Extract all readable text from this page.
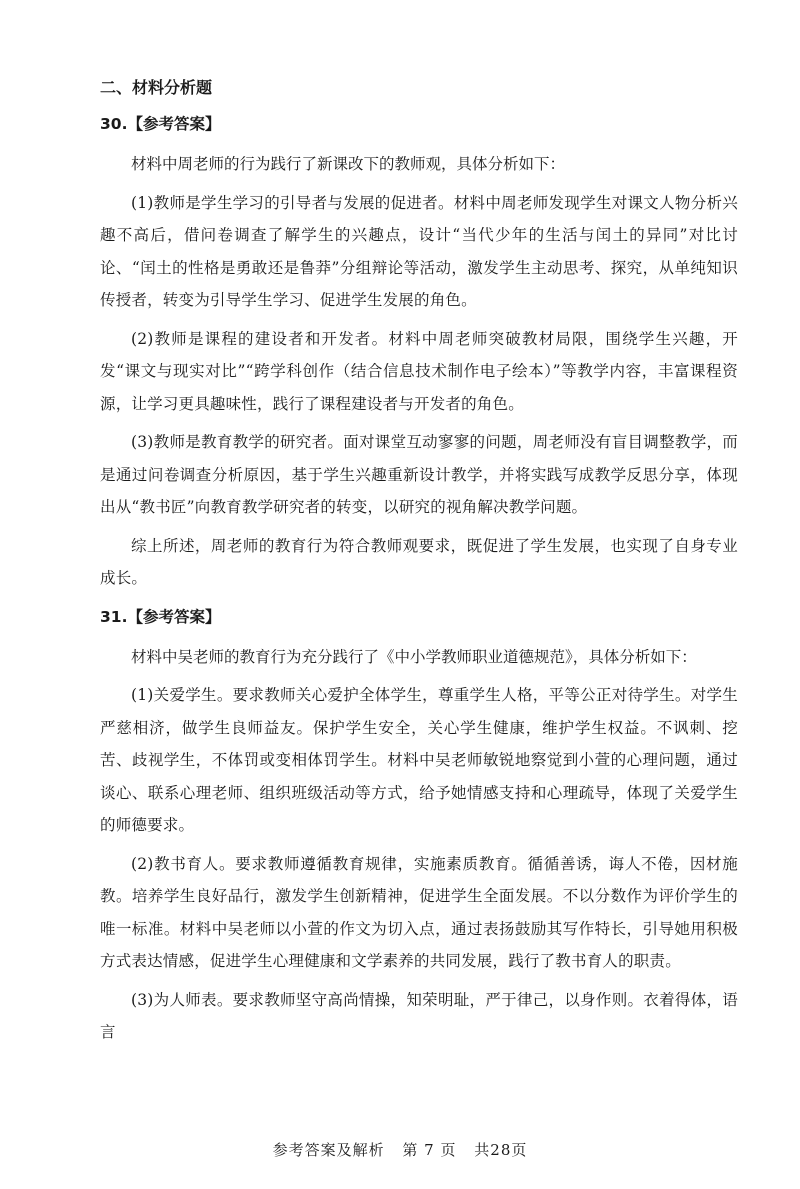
二、材料分析题
30.【参考答案】

材料中周老师的行为践行了新课改下的教师观，具体分析如下：

(1)教师是学生学习的引导者与发展的促进者。材料中周老师发现学生对课文人物分析兴趣不高后，借问卷调查了解学生的兴趣点，设计“当代少年的生活与闰土的异同”对比讨论、“闰土的性格是勇敢还是鲁莽”分组辩论等活动，激发学生主动思考、探究，从单纯知识传授者，转变为引导学生学习、促进学生发展的角色。

(2)教师是课程的建设者和开发者。材料中周老师突破教材局限，围绕学生兴趣，开发“课文与现实对比”“跨学科创作（结合信息技术制作电子绘本）”等教学内容，丰富课程资源，让学习更具趣味性，践行了课程建设者与开发者的角色。

(3)教师是教育教学的研究者。面对课堂互动寥寥的问题，周老师没有盲目调整教学，而是通过问卷调查分析原因，基于学生兴趣重新设计教学，并将实践写成教学反思分享，体现出从“教书匠”向教育教学研究者的转变，以研究的视角解决教学问题。

综上所述，周老师的教育行为符合教师观要求，既促进了学生发展，也实现了自身专业成长。

31.【参考答案】

材料中吴老师的教育行为充分践行了《中小学教师职业道德规范》，具体分析如下：

(1)关爱学生。要求教师关心爱护全体学生，尊重学生人格，平等公正对待学生。对学生严慈相济，做学生良师益友。保护学生安全，关心学生健康，维护学生权益。不讽刺、挖苦、歧视学生，不体罚或变相体罚学生。材料中吴老师敏锐地察觉到小萱的心理问题，通过谈心、联系心理老师、组织班级活动等方式，给予她情感支持和心理疏导，体现了关爱学生的师德要求。

(2)教书育人。要求教师遵循教育规律，实施素质教育。循循善诱，诲人不倦，因材施教。培养学生良好品行，激发学生创新精神，促进学生全面发展。不以分数作为评价学生的唯一标准。材料中吴老师以小萱的作文为切入点，通过表扬鼓励其写作特长，引导她用积极方式表达情感，促进学生心理健康和文学素养的共同发展，践行了教书育人的职责。

(3)为人师表。要求教师坚守高尚情操，知荣明耻，严于律己，以身作则。衣着得体，语言

参考答案及解析 第 7 页 共28页
